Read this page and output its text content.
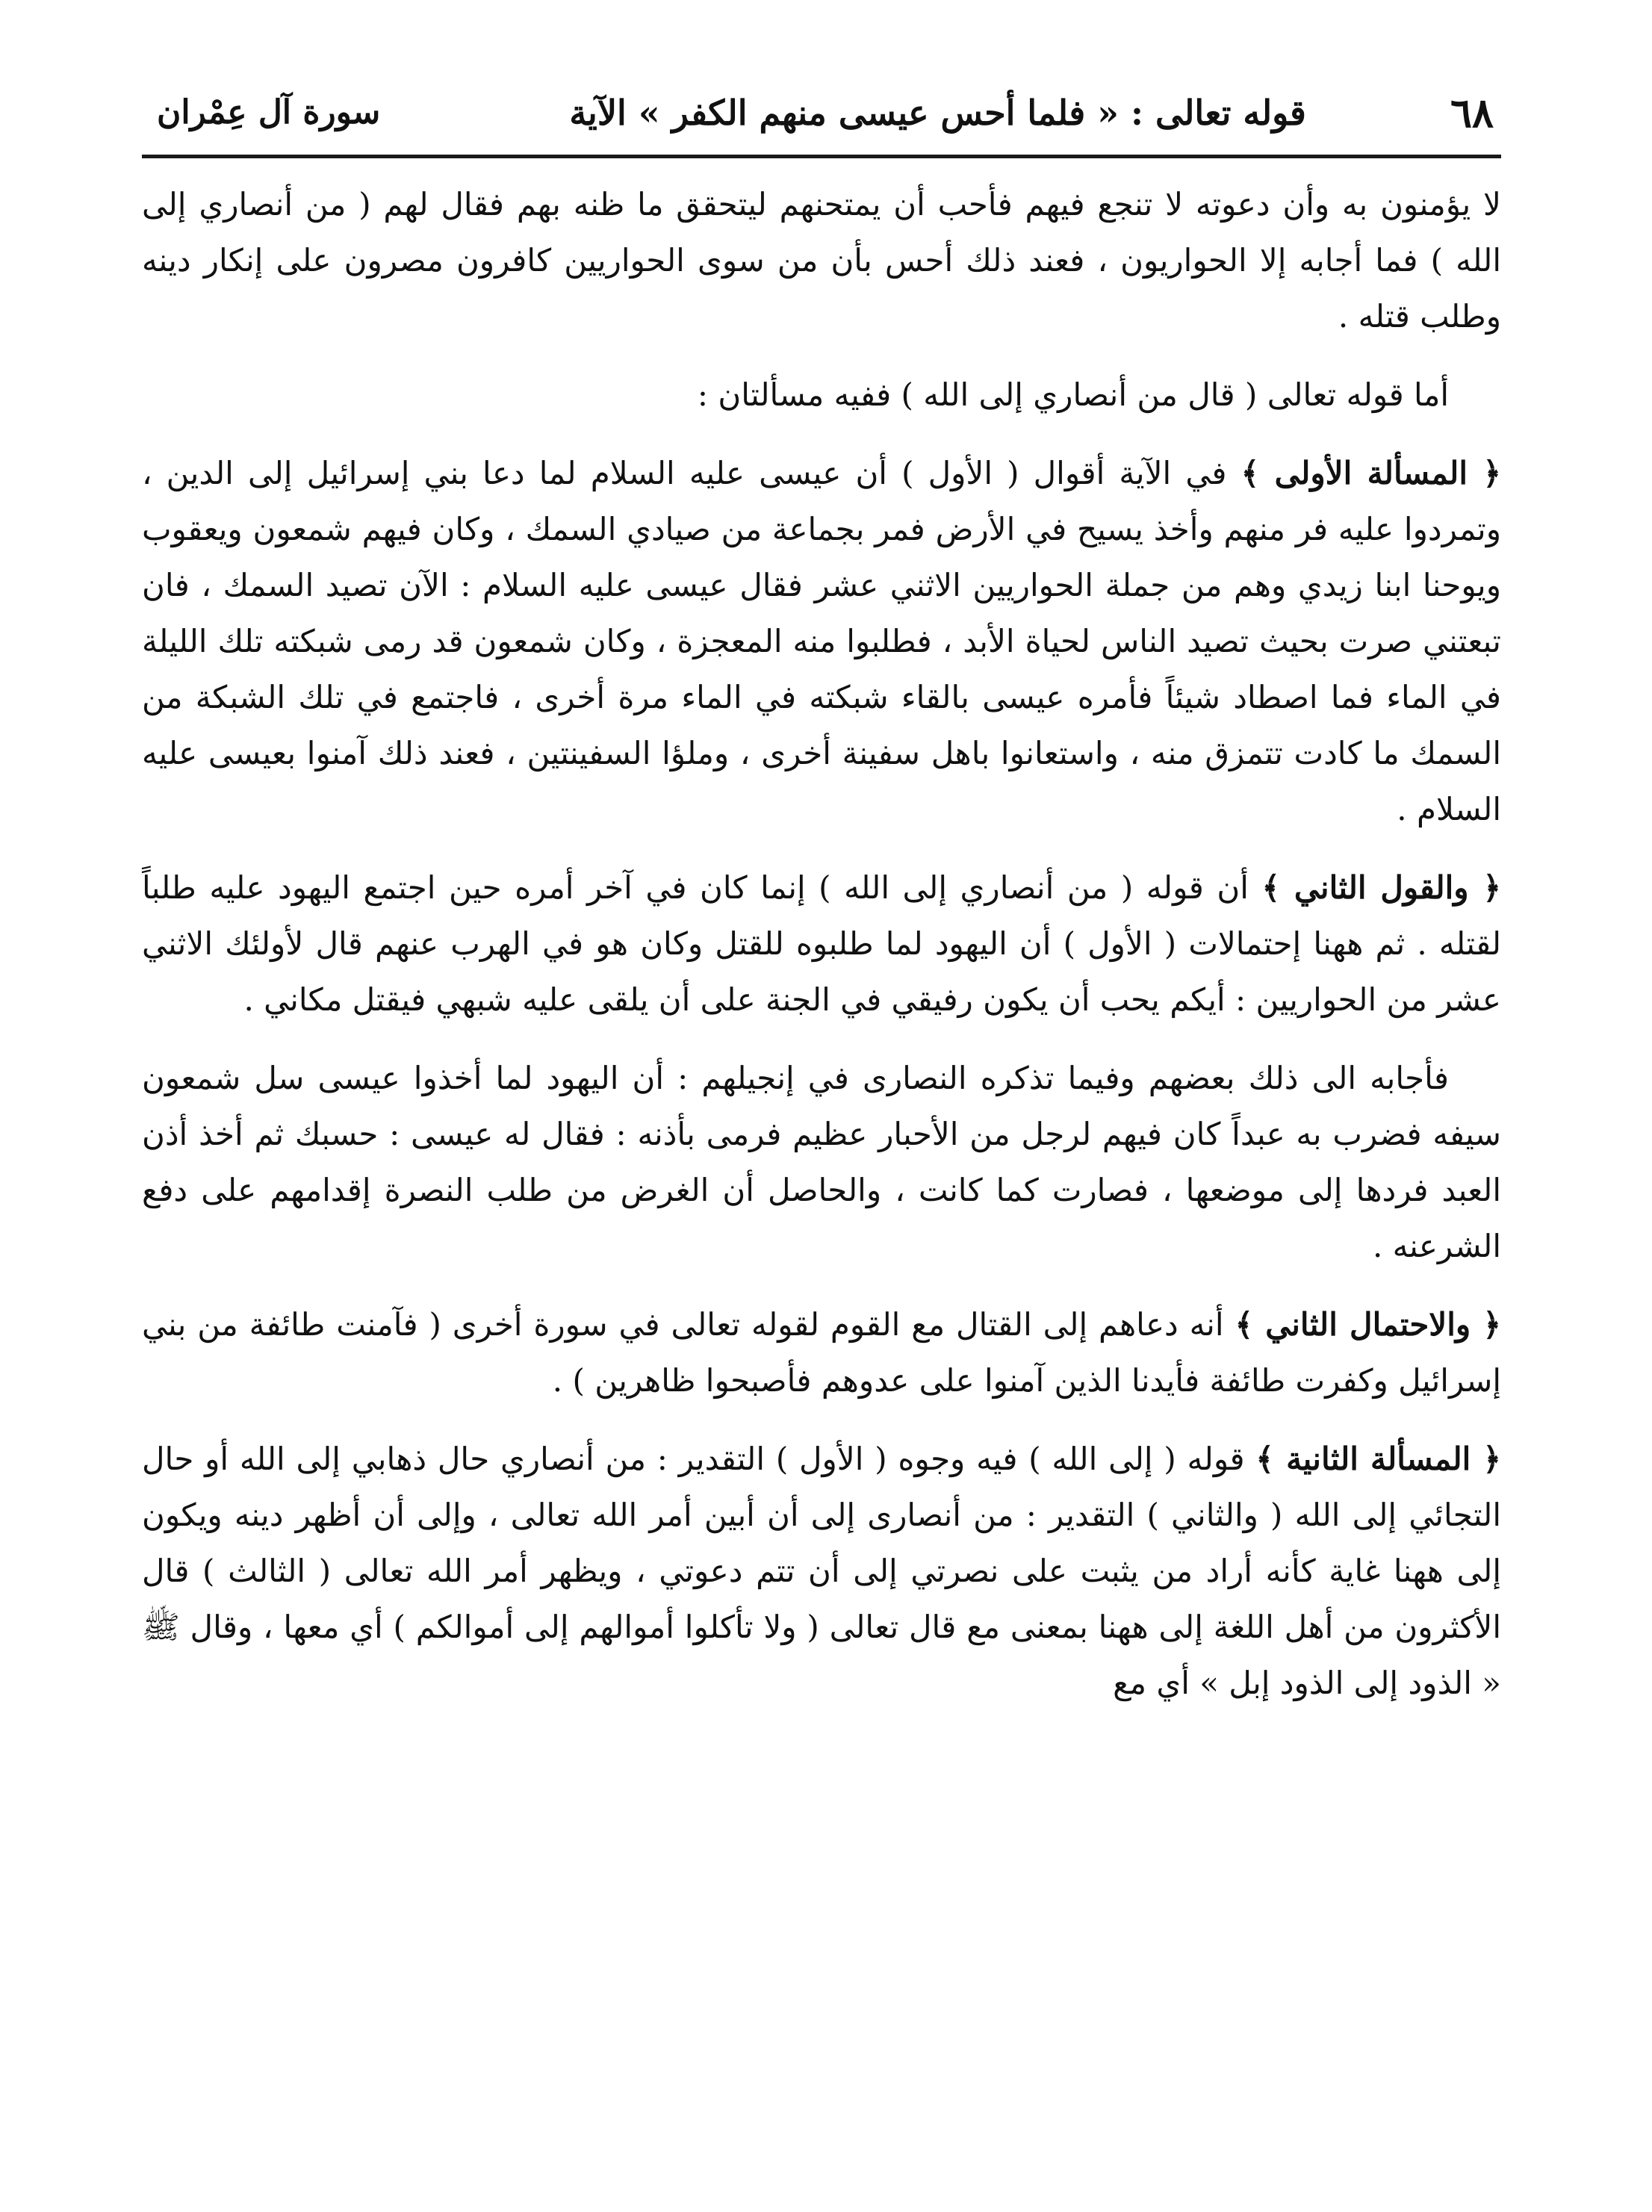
٦٨
قوله تعالى : « فلما أحس عيسى منهم الكفر » الآية
سورة آل عِمْران

لا يؤمنون به وأن دعوته لا تنجع فيهم فأحب أن يمتحنهم ليتحقق ما ظنه بهم فقال لهم ( من أنصاري إلى الله ) فما أجابه إلا الحواريون ، فعند ذلك أحس بأن من سوى الحواريين كافرون مصرون على إنكار دينه وطلب قتله .

أما قوله تعالى ( قال من أنصاري إلى الله ) ففيه مسألتان :

﴿ المسألة الأولى ﴾ في الآية أقوال ( الأول ) أن عيسى عليه السلام لما دعا بني إسرائيل إلى الدين ، وتمردوا عليه فر منهم وأخذ يسيح في الأرض فمر بجماعة من صيادي السمك ، وكان فيهم شمعون ويعقوب ويوحنا ابنا زيدي وهم من جملة الحواريين الاثني عشر فقال عيسى عليه السلام : الآن تصيد السمك ، فان تبعتني صرت بحيث تصيد الناس لحياة الأبد ، فطلبوا منه المعجزة ، وكان شمعون قد رمى شبكته تلك الليلة في الماء فما اصطاد شيئاً فأمره عيسى بالقاء شبكته في الماء مرة أخرى ، فاجتمع في تلك الشبكة من السمك ما كادت تتمزق منه ، واستعانوا باهل سفينة أخرى ، وملؤا السفينتين ، فعند ذلك آمنوا بعيسى عليه السلام .

﴿ والقول الثاني ﴾ أن قوله ( من أنصاري إلى الله ) إنما كان في آخر أمره حين اجتمع اليهود عليه طلباً لقتله . ثم ههنا إحتمالات ( الأول ) أن اليهود لما طلبوه للقتل وكان هو في الهرب عنهم قال لأولئك الاثني عشر من الحواريين : أيكم يحب أن يكون رفيقي في الجنة على أن يلقى عليه شبهي فيقتل مكاني .

فأجابه الى ذلك بعضهم وفيما تذكره النصارى في إنجيلهم : أن اليهود لما أخذوا عيسى سل شمعون سيفه فضرب به عبداً كان فيهم لرجل من الأحبار عظيم فرمى بأذنه : فقال له عيسى : حسبك ثم أخذ أذن العبد فردها إلى موضعها ، فصارت كما كانت ، والحاصل أن الغرض من طلب النصرة إقدامهم على دفع الشرعنه .

﴿ والاحتمال الثاني ﴾ أنه دعاهم إلى القتال مع القوم لقوله تعالى في سورة أخرى ( فآمنت طائفة من بني إسرائيل وكفرت طائفة فأيدنا الذين آمنوا على عدوهم فأصبحوا ظاهرين ) .

﴿ المسألة الثانية ﴾ قوله ( إلى الله ) فيه وجوه ( الأول ) التقدير : من أنصاري حال ذهابي إلى الله أو حال التجائي إلى الله ( والثاني ) التقدير : من أنصارى إلى أن أبين أمر الله تعالى ، وإلى أن أظهر دينه ويكون إلى ههنا غاية كأنه أراد من يثبت على نصرتي إلى أن تتم دعوتي ، ويظهر أمر الله تعالى ( الثالث ) قال الأكثرون من أهل اللغة إلى ههنا بمعنى مع قال تعالى ( ولا تأكلوا أموالهم إلى أموالكم ) أي معها ، وقال ﷺ « الذود إلى الذود إبل » أي مع
